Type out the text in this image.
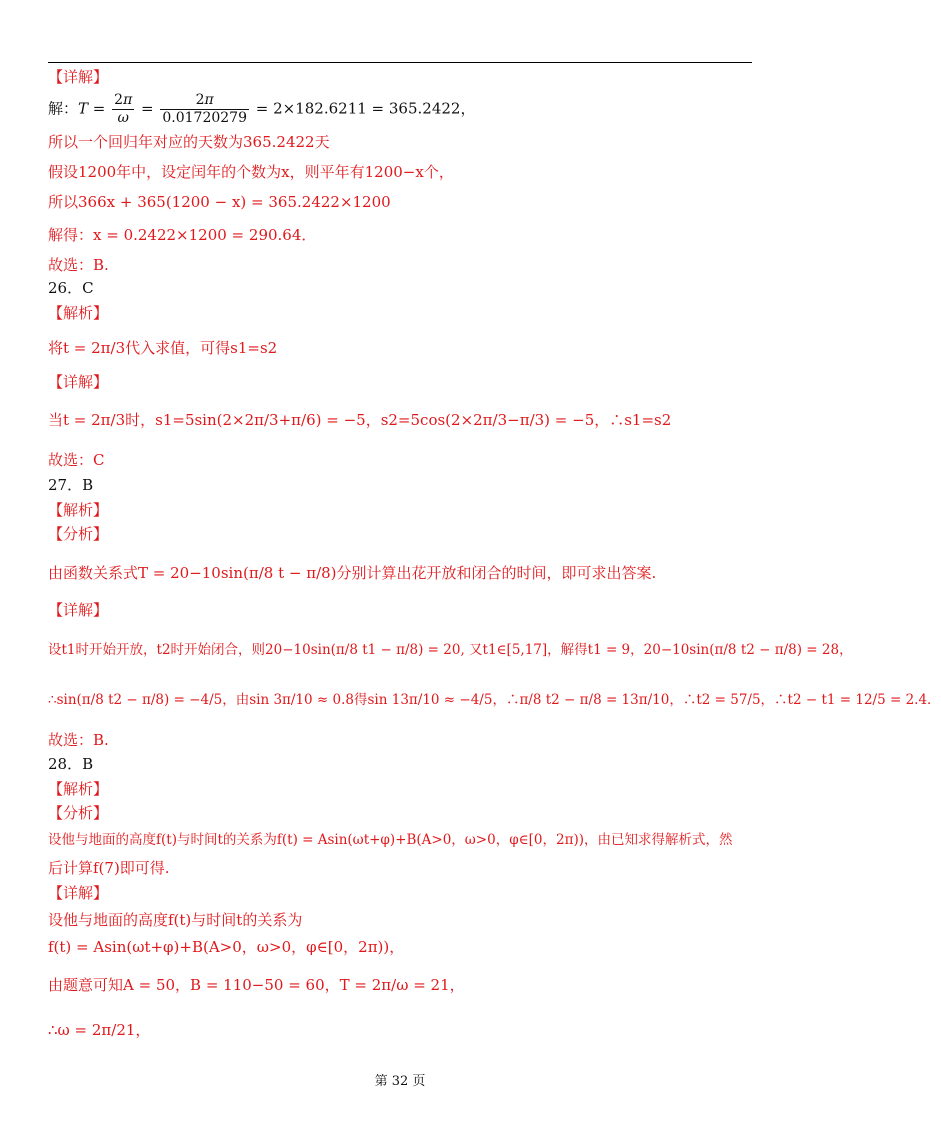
【详解】
解：$T = \frac{2\pi}{\omega} = \frac{2\pi}{0.01720279} = 2\times 182.6211 = 365.2422$，
所以一个回归年对应的天数为365.2422天
假设1200年中，设定闰年的个数为x，则平年有1200−x个，
所以366x + 365(1200 − x) = 365.2422×1200
解得：x = 0.2422×1200 = 290.64．
故选：B.
26．C
【解析】
将t = 2π/3代入求值，可得s1=s2
【详解】
当t = 2π/3时，s1=5sin(2×2π/3+π/6) = −5，s2=5cos(2×2π/3−π/3) = −5，∴s1=s2
故选：C
27．B
【解析】
【分析】
由函数关系式T = 20−10sin(π/8 t − π/8)分别计算出花开放和闭合的时间，即可求出答案.
【详解】
设t1时开始开放，t2时开始闭合，则20−10sin(π/8 t1 − π/8) = 20, 又t1∈[5,17]，解得t1 = 9，20−10sin(π/8 t2 − π/8) = 28，
∴sin(π/8 t2 − π/8) = −4/5，由sin 3π/10 ≈ 0.8得sin 13π/10 ≈ −4/5，∴π/8 t2 − π/8 = 13π/10，∴t2 = 57/5，∴t2 − t1 = 12/5 = 2.4．
故选：B.
28．B
【解析】
【分析】
设他与地面的高度f(t)与时间t的关系为f(t) = Asin(ωt+φ)+B(A>0，ω>0，φ∈[0，2π))，由已知求得解析式，然
后计算f(7)即可得.
【详解】
设他与地面的高度f(t)与时间t的关系为
f(t) = Asin(ωt+φ)+B(A>0，ω>0，φ∈[0，2π))，
由题意可知A = 50，B = 110−50 = 60，T = 2π/ω = 21，
∴ω = 2π/21，
第 32 页
